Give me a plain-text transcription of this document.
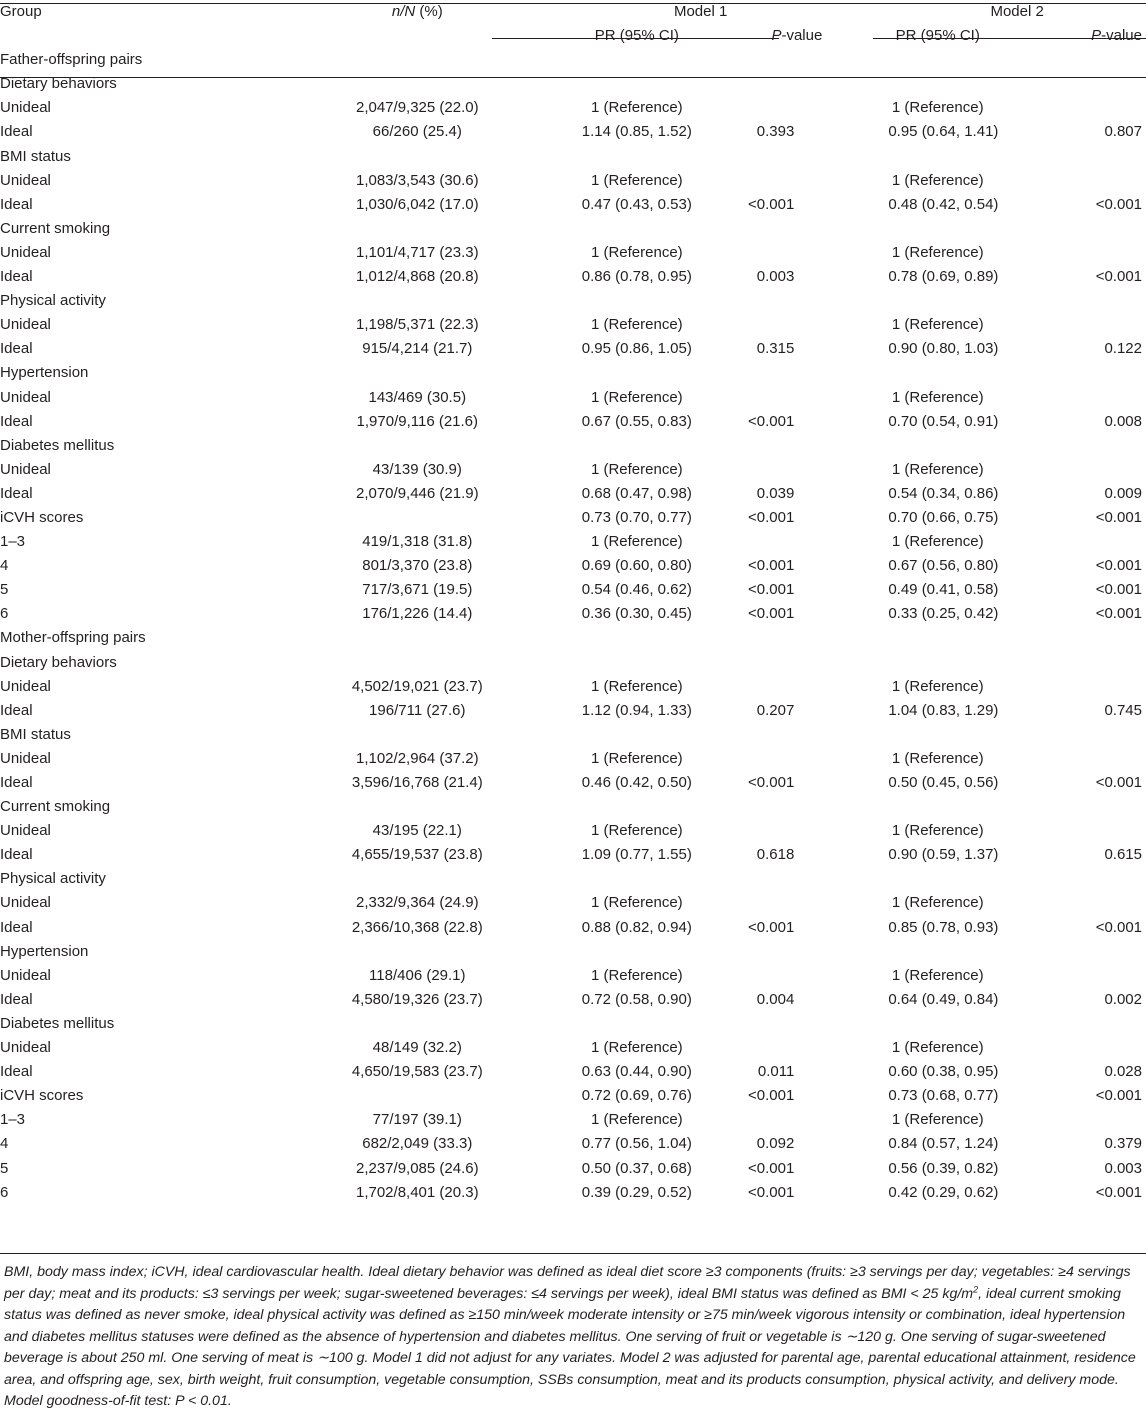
Group	n/N (%)	Model 1		Model 2	
		PR (95% CI)	P-value	PR (95% CI)	P-value
Father-offspring pairs					
Dietary behaviors					
Unideal	2,047/9,325 (22.0)	1 (Reference)		1 (Reference)	
Ideal	66/260 (25.4)	1.14 (0.85, 1.52)	0.393	0.95 (0.64, 1.41)	0.807
BMI status					
Unideal	1,083/3,543 (30.6)	1 (Reference)		1 (Reference)	
Ideal	1,030/6,042 (17.0)	0.47 (0.43, 0.53)	<0.001	0.48 (0.42, 0.54)	<0.001
Current smoking					
Unideal	1,101/4,717 (23.3)	1 (Reference)		1 (Reference)	
Ideal	1,012/4,868 (20.8)	0.86 (0.78, 0.95)	0.003	0.78 (0.69, 0.89)	<0.001
Physical activity					
Unideal	1,198/5,371 (22.3)	1 (Reference)		1 (Reference)	
Ideal	915/4,214 (21.7)	0.95 (0.86, 1.05)	0.315	0.90 (0.80, 1.03)	0.122
Hypertension					
Unideal	143/469 (30.5)	1 (Reference)		1 (Reference)	
Ideal	1,970/9,116 (21.6)	0.67 (0.55, 0.83)	<0.001	0.70 (0.54, 0.91)	0.008
Diabetes mellitus					
Unideal	43/139 (30.9)	1 (Reference)		1 (Reference)	
Ideal	2,070/9,446 (21.9)	0.68 (0.47, 0.98)	0.039	0.54 (0.34, 0.86)	0.009
iCVH scores		0.73 (0.70, 0.77)	<0.001	0.70 (0.66, 0.75)	<0.001
1–3	419/1,318 (31.8)	1 (Reference)		1 (Reference)	
4	801/3,370 (23.8)	0.69 (0.60, 0.80)	<0.001	0.67 (0.56, 0.80)	<0.001
5	717/3,671 (19.5)	0.54 (0.46, 0.62)	<0.001	0.49 (0.41, 0.58)	<0.001
6	176/1,226 (14.4)	0.36 (0.30, 0.45)	<0.001	0.33 (0.25, 0.42)	<0.001
Mother-offspring pairs					
Dietary behaviors					
Unideal	4,502/19,021 (23.7)	1 (Reference)		1 (Reference)	
Ideal	196/711 (27.6)	1.12 (0.94, 1.33)	0.207	1.04 (0.83, 1.29)	0.745
BMI status					
Unideal	1,102/2,964 (37.2)	1 (Reference)		1 (Reference)	
Ideal	3,596/16,768 (21.4)	0.46 (0.42, 0.50)	<0.001	0.50 (0.45, 0.56)	<0.001
Current smoking					
Unideal	43/195 (22.1)	1 (Reference)		1 (Reference)	
Ideal	4,655/19,537 (23.8)	1.09 (0.77, 1.55)	0.618	0.90 (0.59, 1.37)	0.615
Physical activity					
Unideal	2,332/9,364 (24.9)	1 (Reference)		1 (Reference)	
Ideal	2,366/10,368 (22.8)	0.88 (0.82, 0.94)	<0.001	0.85 (0.78, 0.93)	<0.001
Hypertension					
Unideal	118/406 (29.1)	1 (Reference)		1 (Reference)	
Ideal	4,580/19,326 (23.7)	0.72 (0.58, 0.90)	0.004	0.64 (0.49, 0.84)	0.002
Diabetes mellitus					
Unideal	48/149 (32.2)	1 (Reference)		1 (Reference)	
Ideal	4,650/19,583 (23.7)	0.63 (0.44, 0.90)	0.011	0.60 (0.38, 0.95)	0.028
iCVH scores		0.72 (0.69, 0.76)	<0.001	0.73 (0.68, 0.77)	<0.001
1–3	77/197 (39.1)	1 (Reference)		1 (Reference)	
4	682/2,049 (33.3)	0.77 (0.56, 1.04)	0.092	0.84 (0.57, 1.24)	0.379
5	2,237/9,085 (24.6)	0.50 (0.37, 0.68)	<0.001	0.56 (0.39, 0.82)	0.003
6	1,702/8,401 (20.3)	0.39 (0.29, 0.52)	<0.001	0.42 (0.29, 0.62)	<0.001
BMI, body mass index; iCVH, ideal cardiovascular health. Ideal dietary behavior was defined as ideal diet score ≥3 components (fruits: ≥3 servings per day; vegetables: ≥4 servings per day; meat and its products: ≤3 servings per week; sugar-sweetened beverages: ≤4 servings per week), ideal BMI status was defined as BMI < 25 $kg/m^2$, ideal current smoking status was defined as never smoke, ideal physical activity was defined as ≥150 min/week moderate intensity or ≥75 min/week vigorous intensity or combination, ideal hypertension and diabetes mellitus statuses were defined as the absence of hypertension and diabetes mellitus. One serving of fruit or vegetable is ∼120 g. One serving of sugar-sweetened beverage is about 250 ml. One serving of meat is ∼100 g. Model 1 did not adjust for any variates. Model 2 was adjusted for parental age, parental educational attainment, residence area, and offspring age, sex, birth weight, fruit consumption, vegetable consumption, SSBs consumption, meat and its products consumption, physical activity, and delivery mode. Model goodness-of-fit test: P < 0.01.
